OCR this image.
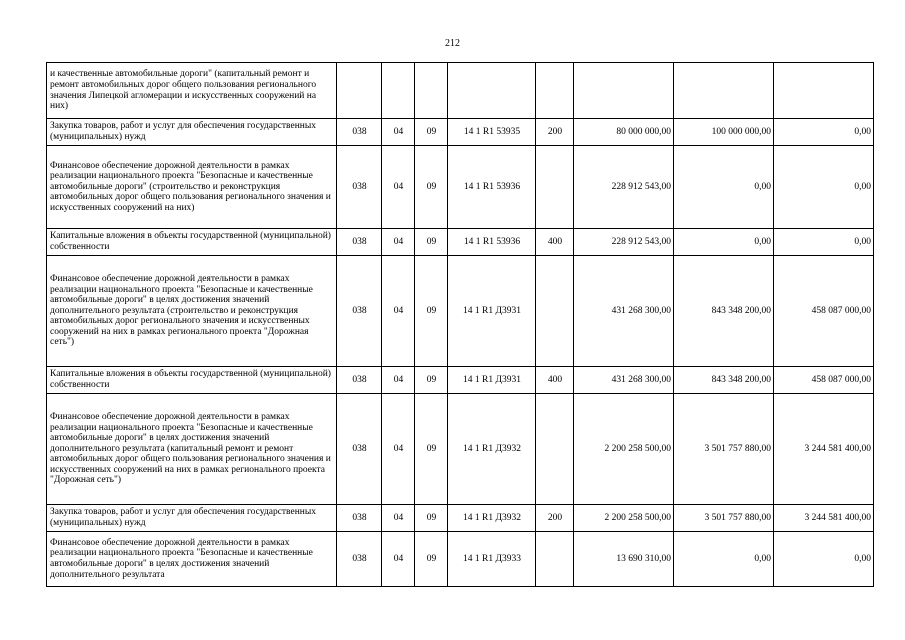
212
и качественные автомобильные дороги" (капитальный ремонт и ремонт автомобильных дорог общего пользования регионального значения Липецкой агломерации и искусственных сооружений на них)								
Закупка товаров, работ и услуг для обеспечения государственных (муниципальных) нужд	038	04	09	14 1 R1 53935	200	80 000 000,00	100 000 000,00	0,00
Финансовое обеспечение дорожной деятельности в рамках реализации национального проекта "Безопасные и качественные автомобильные дороги" (строительство и реконструкция автомобильных дорог общего пользования регионального значения и искусственных сооружений на них)	038	04	09	14 1 R1 53936		228 912 543,00	0,00	0,00
Капитальные вложения в объекты государственной (муниципальной) собственности	038	04	09	14 1 R1 53936	400	228 912 543,00	0,00	0,00
Финансовое обеспечение дорожной деятельности в рамках реализации национального проекта "Безопасные и качественные автомобильные дороги" в целях достижения значений дополнительного результата (строительство и реконструкция автомобильных дорог регионального значения и искусственных сооружений на них в рамках регионального проекта "Дорожная сеть")	038	04	09	14 1 R1 Д3931		431 268 300,00	843 348 200,00	458 087 000,00
Капитальные вложения в объекты государственной (муниципальной) собственности	038	04	09	14 1 R1 Д3931	400	431 268 300,00	843 348 200,00	458 087 000,00
Финансовое обеспечение дорожной деятельности в рамках реализации национального проекта "Безопасные и качественные автомобильные дороги" в целях достижения значений дополнительного результата (капитальный ремонт и ремонт автомобильных дорог общего пользования регионального значения и искусственных сооружений на них в рамках регионального проекта "Дорожная сеть")	038	04	09	14 1 R1 Д3932		2 200 258 500,00	3 501 757 880,00	3 244 581 400,00
Закупка товаров, работ и услуг для обеспечения государственных (муниципальных) нужд	038	04	09	14 1 R1 Д3932	200	2 200 258 500,00	3 501 757 880,00	3 244 581 400,00
Финансовое обеспечение дорожной деятельности в рамках реализации национального проекта "Безопасные и качественные автомобильные дороги" в целях достижения значений дополнительного результата	038	04	09	14 1 R1 Д3933		13 690 310,00	0,00	0,00
